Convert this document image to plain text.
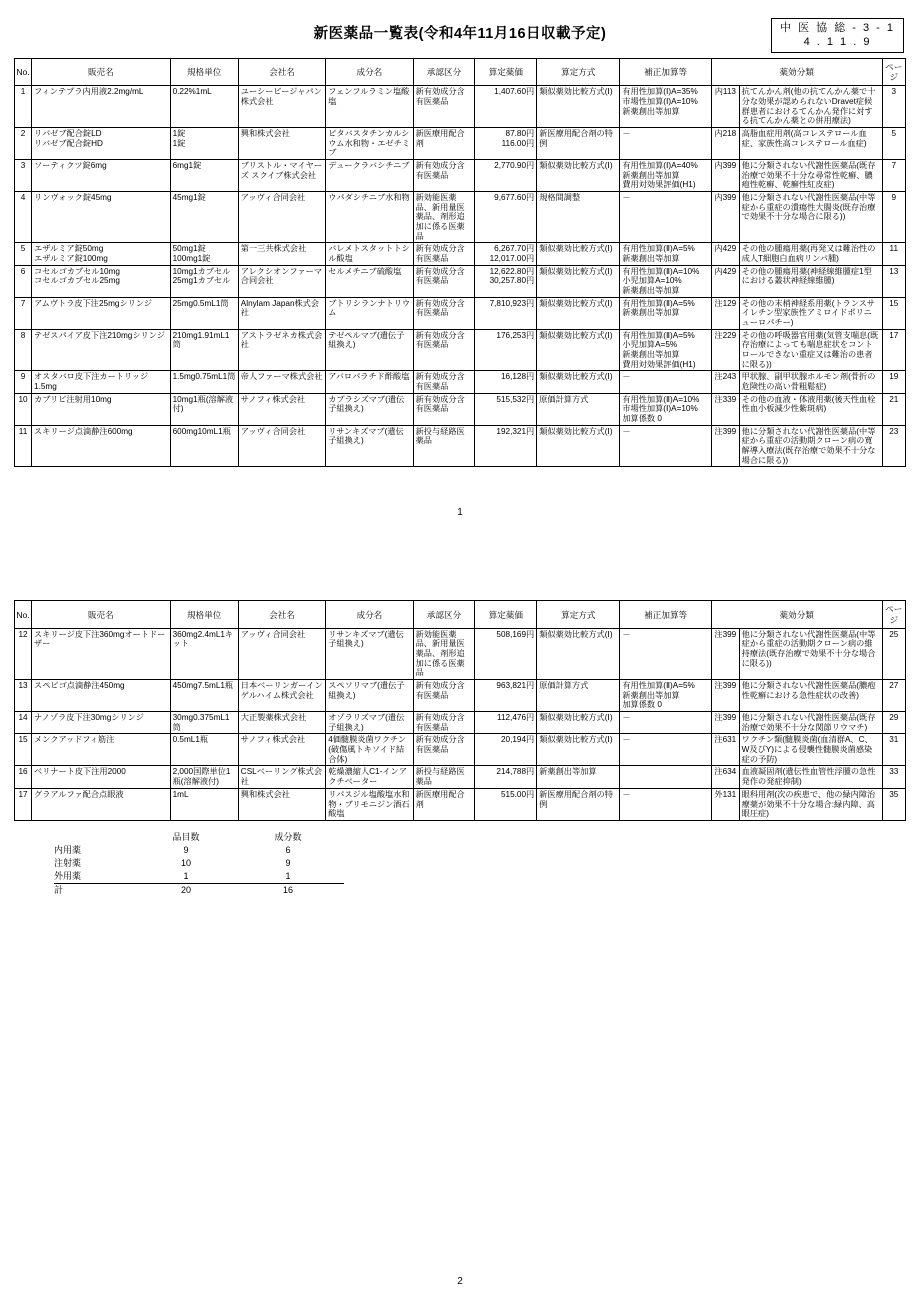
新医薬品一覧表(令和4年11月16日収載予定)	中 医 協 総 - 3 - 1
4 . 1 1 . 9
No.	販売名	規格単位	会社名	成分名	承認区分	算定薬価	算定方式	補正加算等	薬効分類		ページ
1	フィンテプラ内用液2.2mg/mL	0.22%1mL	ユーシービージャパン株式会社	フェンフルラミン塩酸塩	新有効成分含有医薬品	1,407.60円	類似薬効比較方式(Ⅰ)	有用性加算(Ⅰ)A=35%
市場性加算(Ⅰ)A=10%
新薬創出等加算	内113	抗てんかん剤(他の抗てんかん薬で十分な効果が認められないDravet症候群患者におけるてんかん発作に対する抗てんかん薬との併用療法)	3
2	リバゼブ配合錠LD
リバゼブ配合錠HD	1錠
1錠	興和株式会社	ピタバスタチンカルシウム水和物・エゼチミブ	新医療用配合剤	87.80円
116.00円	新医療用配合剤の特例	－	内218	高脂血症用剤(高コレステロール血症、家族性高コレステロール血症)	5
3	ソーティクツ錠6mg	6mg1錠	ブリストル・マイヤーズ スクイブ株式会社	デュークラバシチニブ	新有効成分含有医薬品	2,770.90円	類似薬効比較方式(Ⅰ)	有用性加算(Ⅰ)A=40%
新薬創出等加算
費用対効果評価(H1)	内399	他に分類されない代謝性医薬品(既存治療で効果不十分な尋常性乾癬、膿疱性乾癬、乾癬性紅皮症)	7
4	リンヴォック錠45mg	45mg1錠	アッヴィ合同会社	ウパダシチニブ水和物	新効能医薬品、新用量医薬品、剤形追加に係る医薬品	9,677.60円	規格間調整	－	内399	他に分類されない代謝性医薬品(中等症から重症の潰瘍性大腸炎(既存治療で効果不十分な場合に限る))	9
5	エザルミア錠50mg
エザルミア錠100mg	50mg1錠
100mg1錠	第一三共株式会社	バレメトスタットトシル酸塩	新有効成分含有医薬品	6,267.70円
12,017.00円	類似薬効比較方式(Ⅰ)	有用性加算(Ⅱ)A=5%
新薬創出等加算	内429	その他の腫瘍用薬(再発又は難治性の成人T細胞白血病リンパ腫)	11
6	コセルゴカプセル10mg
コセルゴカプセル25mg	10mg1カプセル
25mg1カプセル	アレクシオンファーマ合同会社	セルメチニブ硫酸塩	新有効成分含有医薬品	12,622.80円
30,257.80円	類似薬効比較方式(Ⅰ)	有用性加算(Ⅱ)A=10%
小児加算A=10%
新薬創出等加算	内429	その他の腫瘍用薬(神経線維腫症1型における叢状神経線維腫)	13
7	アムヴトラ皮下注25mgシリンジ	25mg0.5mL1筒	Alnylam Japan株式会社	ブトリシランナトリウム	新有効成分含有医薬品	7,810,923円	類似薬効比較方式(Ⅰ)	有用性加算(Ⅱ)A=5%
新薬創出等加算	注129	その他の末梢神経系用薬(トランスサイレチン型家族性アミロイドポリニューロパチー)	15
8	テゼスパイア皮下注210mgシリンジ	210mg1.91mL1筒	アストラゼネカ株式会社	テゼペルマブ(遺伝子組換え)	新有効成分含有医薬品	176,253円	類似薬効比較方式(Ⅰ)	有用性加算(Ⅱ)A=5%
小児加算A=5%
新薬創出等加算
費用対効果評価(H1)	注229	その他の呼吸器官用薬(気管支喘息(既存治療によっても喘息症状をコントロールできない重症又は難治の患者に限る))	17
9	オスタバロ皮下注カートリッジ1.5mg	1.5mg0.75mL1筒	帝人ファーマ株式会社	アバロパラチド酢酸塩	新有効成分含有医薬品	16,128円	類似薬効比較方式(Ⅰ)	－	注243	甲状腺、副甲状腺ホルモン剤(骨折の危険性の高い骨粗鬆症)	19
10	カブリビ注射用10mg	10mg1瓶(溶解液付)	サノフィ株式会社	カプラシズマブ(遺伝子組換え)	新有効成分含有医薬品	515,532円	原価計算方式	有用性加算(Ⅱ)A=10%
市場性加算(Ⅰ)A=10%
加算係数 0	注339	その他の血液・体液用薬(後天性血栓性血小板減少性紫斑病)	21
11	スキリージ点滴静注600mg	600mg10mL1瓶	アッヴィ合同会社	リサンキズマブ(遺伝子組換え)	新投与経路医薬品	192,321円	類似薬効比較方式(Ⅰ)	－	注399	他に分類されない代謝性医薬品(中等症から重症の活動期クローン病の寛解導入療法(既存治療で効果不十分な場合に限る))	23
1
No.	販売名	規格単位	会社名	成分名	承認区分	算定薬価	算定方式	補正加算等	薬効分類		ページ
12	スキリージ皮下注360mgオートドーザー	360mg2.4mL1キット	アッヴィ合同会社	リサンキズマブ(遺伝子組換え)	新効能医薬品、新用量医薬品、剤形追加に係る医薬品	508,169円	類似薬効比較方式(Ⅰ)	－	注399	他に分類されない代謝性医薬品(中等症から重症の活動期クローン病の維持療法(既存治療で効果不十分な場合に限る))	25
13	スペビゴ点滴静注450mg	450mg7.5mL1瓶	日本ベーリンガーインゲルハイム株式会社	スペソリマブ(遺伝子組換え)	新有効成分含有医薬品	963,821円	原価計算方式	有用性加算(Ⅱ)A=5%
新薬創出等加算
加算係数 0	注399	他に分類されない代謝性医薬品(膿疱性乾癬における急性症状の改善)	27
14	ナノゾラ皮下注30mgシリンジ	30mg0.375mL1筒	大正製薬株式会社	オゾラリズマブ(遺伝子組換え)	新有効成分含有医薬品	112,476円	類似薬効比較方式(Ⅰ)	－	注399	他に分類されない代謝性医薬品(既存治療で効果不十分な関節リウマチ)	29
15	メンクアッドフィ筋注	0.5mL1瓶	サノフィ株式会社	4価髄膜炎菌ワクチン(破傷風トキソイド結合体)	新有効成分含有医薬品	20,194円	類似薬効比較方式(Ⅰ)	－	注631	ワクチン類(髄膜炎菌(血清群A、C、W及びY)による侵襲性髄膜炎菌感染症の予防)	31
16	ベリナート皮下注用2000	2,000国際単位1瓶(溶解液付)	CSLベーリング株式会社	乾燥濃縮人C1-インアクチベーター	新投与経路医薬品	214,788円	新薬創出等加算		注634	血液凝固剤(遺伝性血管性浮腫の急性発作の発症抑制)	33
17	グラアルファ配合点眼液	1mL	興和株式会社	リパスジル塩酸塩水和物・ブリモニジン酒石酸塩	新医療用配合剤	515.00円	新医療用配合剤の特例	－	外131	眼科用剤(次の疾患で、他の緑内障治療薬が効果不十分な場合:緑内障、高眼圧症)	35
	品目数	成分数
内用薬	9	6
注射薬	10	9
外用薬	1	1
計	20	16
2
